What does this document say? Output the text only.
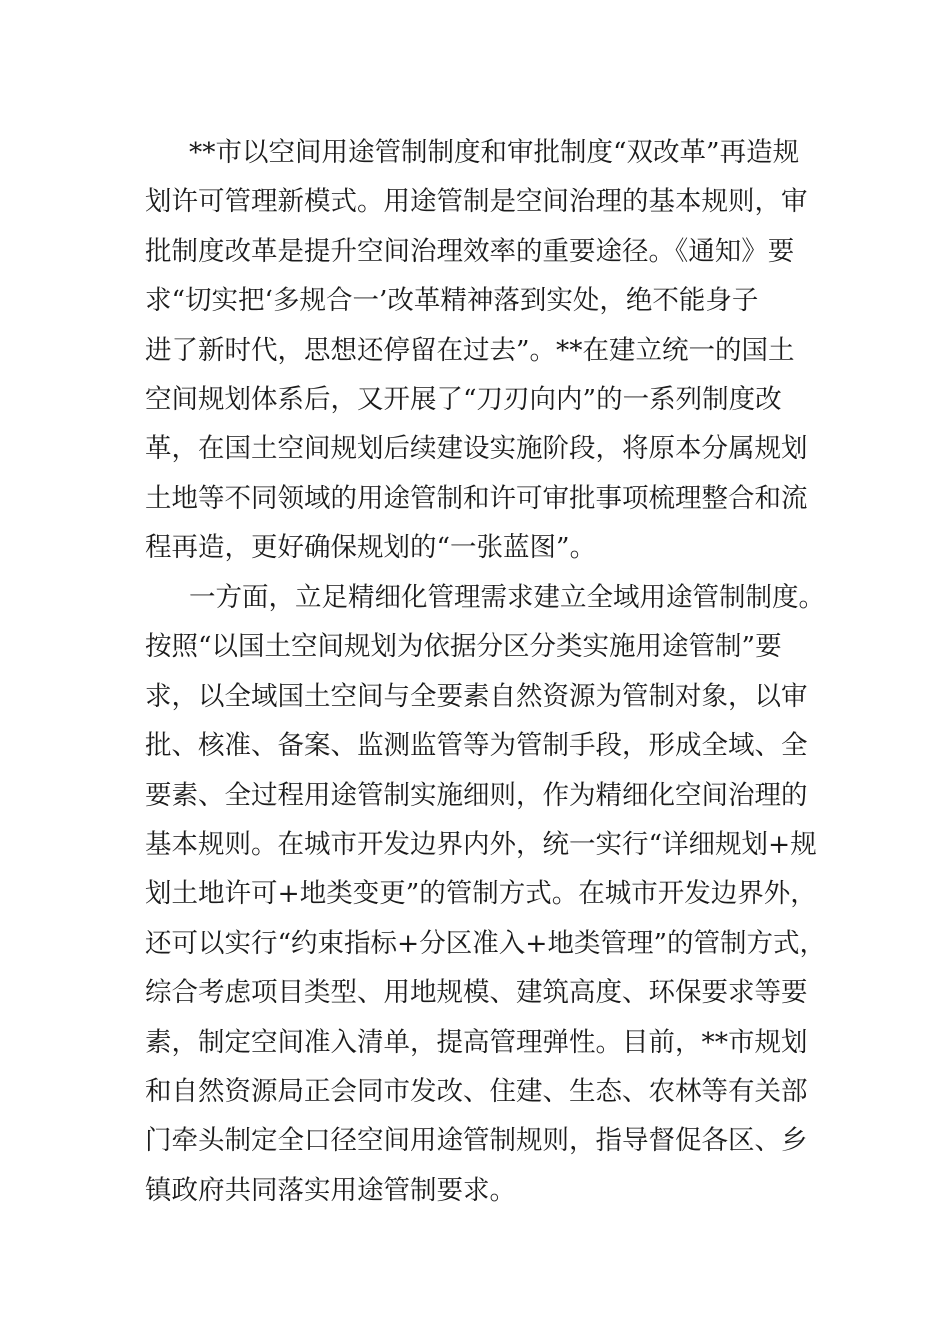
**市以空间用途管制制度和审批制度“双改革”再造规
划许可管理新模式。用途管制是空间治理的基本规则，审
批制度改革是提升空间治理效率的重要途径。《通知》要
求“切实把‘多规合一’改革精神落到实处，绝不能身子
进了新时代，思想还停留在过去”。**在建立统一的国土
空间规划体系后，又开展了“刀刃向内”的一系列制度改
革，在国土空间规划后续建设实施阶段，将原本分属规划
土地等不同领域的用途管制和许可审批事项梳理整合和流
程再造，更好确保规划的“一张蓝图”。
一方面，立足精细化管理需求建立全域用途管制制度。
按照“以国土空间规划为依据分区分类实施用途管制”要
求，以全域国土空间与全要素自然资源为管制对象，以审
批、核准、备案、监测监管等为管制手段，形成全域、全
要素、全过程用途管制实施细则，作为精细化空间治理的
基本规则。在城市开发边界内外，统一实行“详细规划+规
划土地许可+地类变更”的管制方式。在城市开发边界外，
还可以实行“约束指标+分区准入+地类管理”的管制方式，
综合考虑项目类型、用地规模、建筑高度、环保要求等要
素，制定空间准入清单，提高管理弹性。目前，**市规划
和自然资源局正会同市发改、住建、生态、农林等有关部
门牵头制定全口径空间用途管制规则，指导督促各区、乡
镇政府共同落实用途管制要求。
